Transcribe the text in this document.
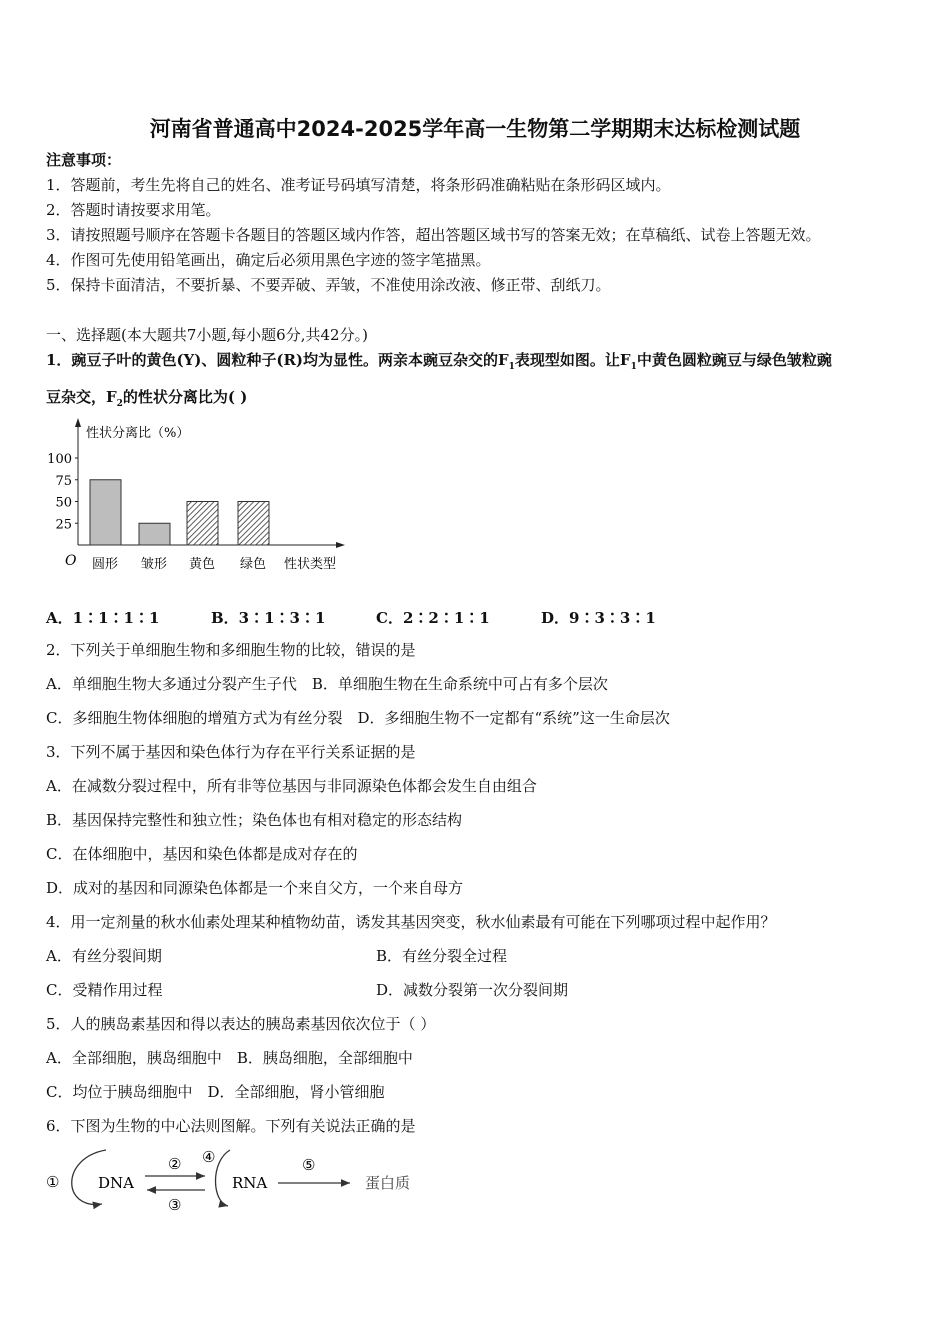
河南省普通高中2024-2025学年高一生物第二学期期末达标检测试题
注意事项：
1．答题前，考生先将自己的姓名、准考证号码填写清楚，将条形码准确粘贴在条形码区域内。
2．答题时请按要求用笔。
3．请按照题号顺序在答题卡各题目的答题区域内作答，超出答题区域书写的答案无效；在草稿纸、试卷上答题无效。
4．作图可先使用铅笔画出，确定后必须用黑色字迹的签字笔描黑。
5．保持卡面清洁，不要折暴、不要弄破、弄皱，不准使用涂改液、修正带、刮纸刀。
一、选择题(本大题共7小题,每小题6分,共42分。)
1．豌豆子叶的黄色(Y)、圆粒种子(R)均为显性。两亲本豌豆杂交的$F_1$表现型如图。让$F_1$中黄色圆粒豌豆与绿色皱粒豌
豆杂交，$F_2$的性状分离比为( )
性状分离比（%）
O	性状类型
25
50
75
100
圆形 皱形 黄色 绿色
A．1∶1∶1∶1	B．3∶1∶3∶1	C．2∶2∶1∶1	D．9∶3∶3∶1
2．下列关于单细胞生物和多细胞生物的比较，错误的是
A．单细胞生物大多通过分裂产生子代　B．单细胞生物在生命系统中可占有多个层次
C．多细胞生物体细胞的增殖方式为有丝分裂　D．多细胞生物不一定都有“系统”这一生命层次
3．下列不属于基因和染色体行为存在平行关系证据的是
A．在减数分裂过程中，所有非等位基因与非同源染色体都会发生自由组合
B．基因保持完整性和独立性；染色体也有相对稳定的形态结构
C．在体细胞中，基因和染色体都是成对存在的
D．成对的基因和同源染色体都是一个来自父方，一个来自母方
4．用一定剂量的秋水仙素处理某种植物幼苗，诱发其基因突变，秋水仙素最有可能在下列哪项过程中起作用？
A．有丝分裂间期	B．有丝分裂全过程
C．受精作用过程	D．减数分裂第一次分裂间期
5．人的胰岛素基因和得以表达的胰岛素基因依次位于（ ）
A．全部细胞，胰岛细胞中　B．胰岛细胞，全部细胞中
C．均位于胰岛细胞中　D．全部细胞，肾小管细胞
6．下图为生物的中心法则图解。下列有关说法正确的是
①	DNA
②
③
④
RNA
⑤
蛋白质
